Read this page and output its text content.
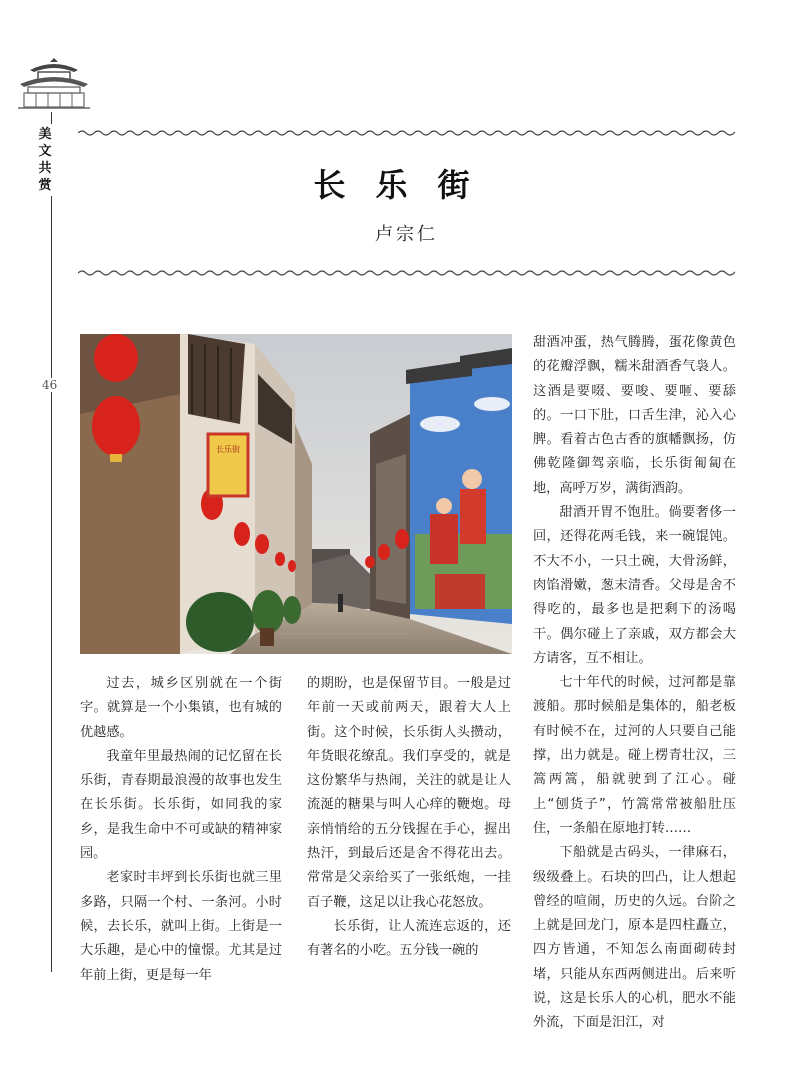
美文共赏
46
长乐街
卢宗仁
长乐街

过去，城乡区别就在一个街字。就算是一个小集镇，也有城的优越感。

我童年里最热闹的记忆留在长乐街，青春期最浪漫的故事也发生在长乐街。长乐街，如同我的家乡，是我生命中不可或缺的精神家园。

老家时丰坪到长乐街也就三里多路，只隔一个村、一条河。小时候，去长乐，就叫上街。上街是一大乐趣，是心中的憧憬。尤其是过年前上街，更是每一年

的期盼，也是保留节目。一般是过年前一天或前两天，跟着大人上街。这个时候，长乐街人头攒动，年货眼花缭乱。我们享受的，就是这份繁华与热闹，关注的就是让人流涎的糖果与叫人心痒的鞭炮。母亲悄悄给的五分钱握在手心，握出热汗，到最后还是舍不得花出去。常常是父亲给买了一张纸炮，一挂百子鞭，这足以让我心花怒放。

长乐街，让人流连忘返的，还有著名的小吃。五分钱一碗的

甜酒冲蛋，热气腾腾，蛋花像黄色的花瓣浮飘，糯米甜酒香气袅人。这酒是要啜、要唆、要咂、要舔的。一口下肚，口舌生津，沁入心脾。看着古色古香的旗幡飘扬，仿佛乾隆御驾亲临，长乐街匍匐在地，高呼万岁，满街酒韵。

甜酒开胃不饱肚。倘要奢侈一回，还得花两毛钱，来一碗馄饨。不大不小，一只土碗，大骨汤鲜，肉馅滑嫩，葱末清香。父母是舍不得吃的，最多也是把剩下的汤喝干。偶尔碰上了亲戚，双方都会大方请客，互不相让。

七十年代的时候，过河都是靠渡船。那时候船是集体的，船老板有时候不在，过河的人只要自己能撑，出力就是。碰上楞青壮汉，三篙两篙，船就驶到了江心。碰上“刨货子”，竹篙常常被船肚压住，一条船在原地打转……

下船就是古码头，一律麻石，级级叠上。石块的凹凸，让人想起曾经的喧闹，历史的久远。台阶之上就是回龙门，原本是四柱矗立，四方皆通，不知怎么南面砌砖封堵，只能从东西两侧进出。后来听说，这是长乐人的心机，肥水不能外流，下面是汨江，对
